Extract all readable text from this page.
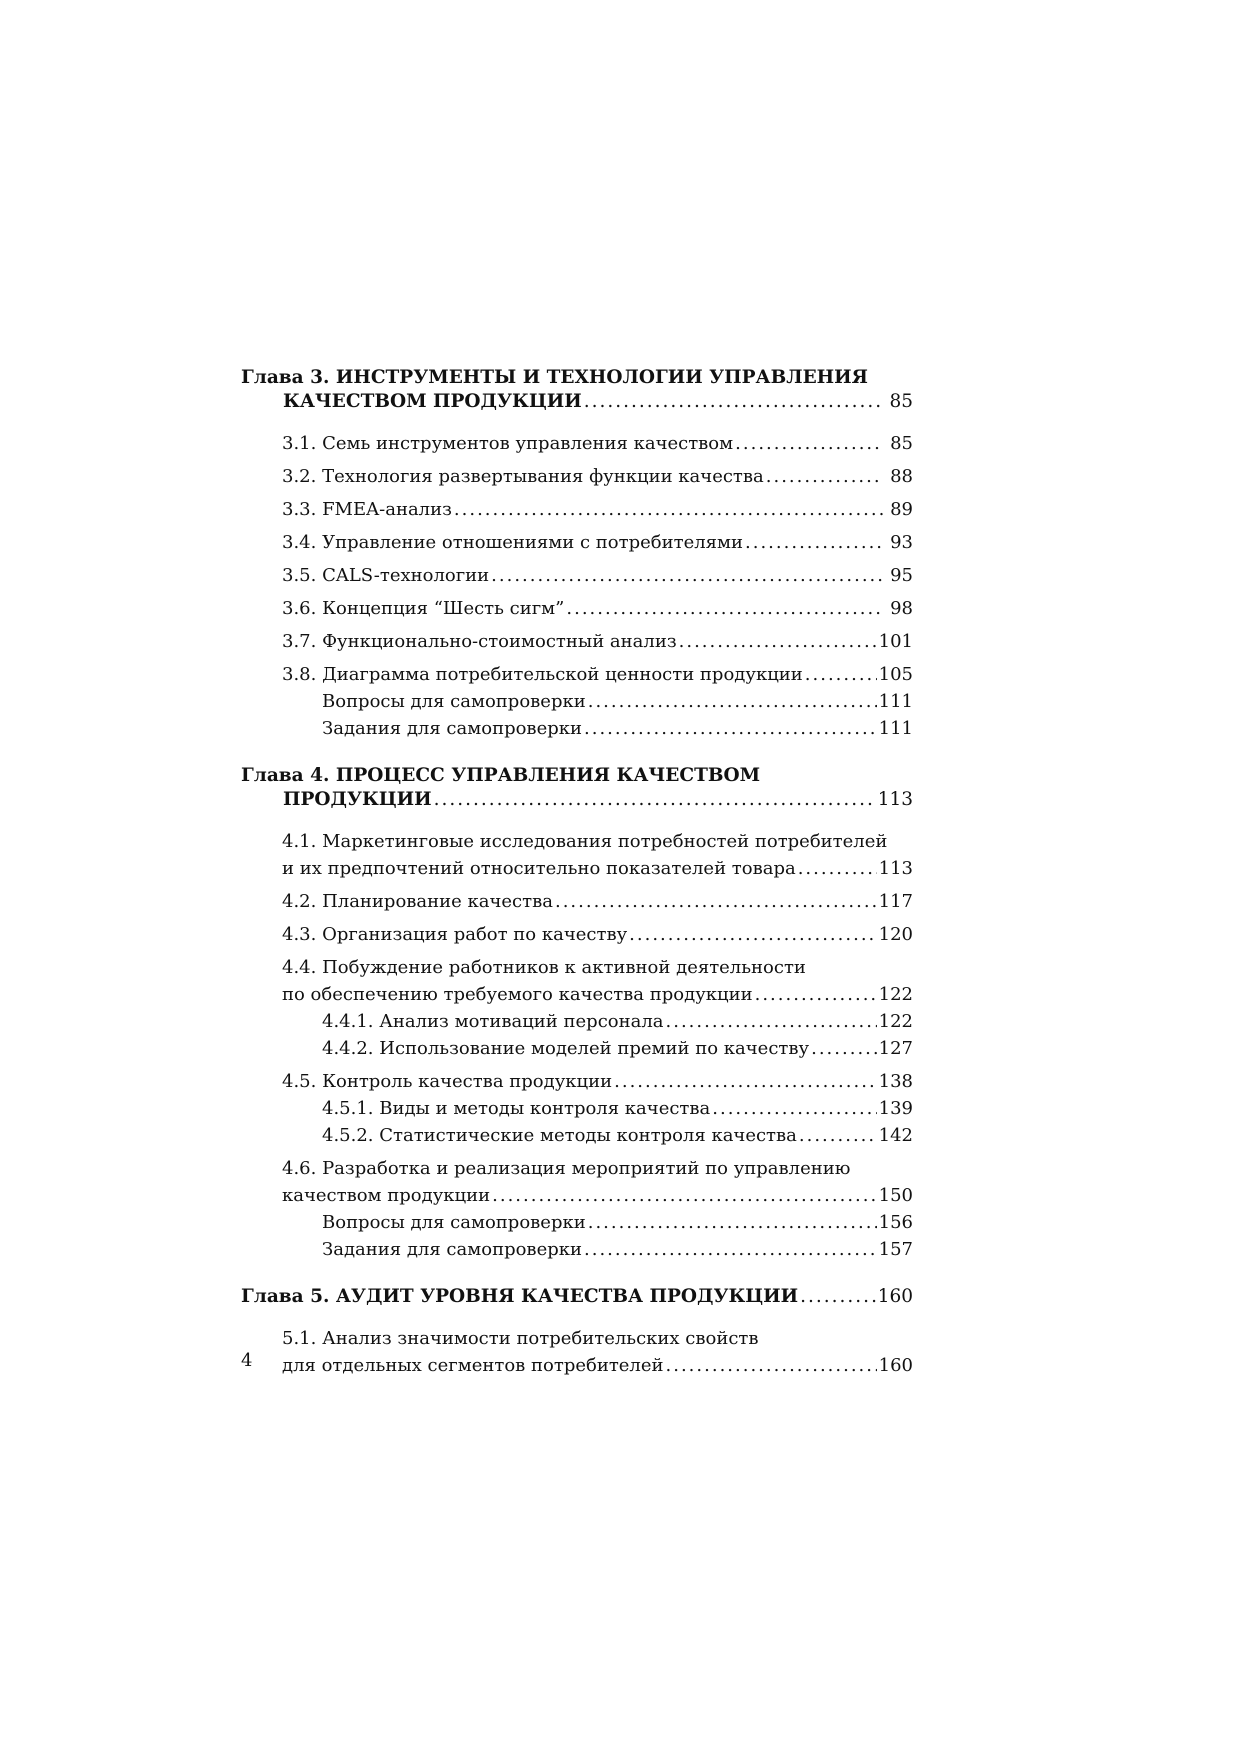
Глава 3. ИНСТРУМЕНТЫ И ТЕХНОЛОГИИ УПРАВЛЕНИЯ
КАЧЕСТВОМ ПРОДУКЦИИ .....	85
3.1. Семь инструментов управления качеством .....	85
3.2. Технология развертывания функции качества .....	88
3.3. FMEA-анализ .....	89
3.4. Управление отношениями с потребителями .....	93
3.5. CALS-технологии .....	95
3.6. Концепция “Шесть сигм” .....	98
3.7. Функционально-стоимостный анализ .....	101
3.8. Диаграмма потребительской ценности продукции .....	105
Вопросы для самопроверки .....	111
Задания для самопроверки .....	111
Глава 4. ПРОЦЕСС УПРАВЛЕНИЯ КАЧЕСТВОМ
ПРОДУКЦИИ .....	113
4.1. Маркетинговые исследования потребностей потребителей
и их предпочтений относительно показателей товара .....	113
4.2. Планирование качества .....	117
4.3. Организация работ по качеству .....	120
4.4. Побуждение работников к активной деятельности
по обеспечению требуемого качества продукции .....	122
4.4.1. Анализ мотиваций персонала .....	122
4.4.2. Использование моделей премий по качеству .....	127
4.5. Контроль качества продукции .....	138
4.5.1. Виды и методы контроля качества .....	139
4.5.2. Статистические методы контроля качества .....	142
4.6. Разработка и реализация мероприятий по управлению
качеством продукции .....	150
Вопросы для самопроверки .....	156
Задания для самопроверки .....	157
Глава 5. АУДИТ УРОВНЯ КАЧЕСТВА ПРОДУКЦИИ .....	160
5.1. Анализ значимости потребительских свойств
для отдельных сегментов потребителей .....	160
4
